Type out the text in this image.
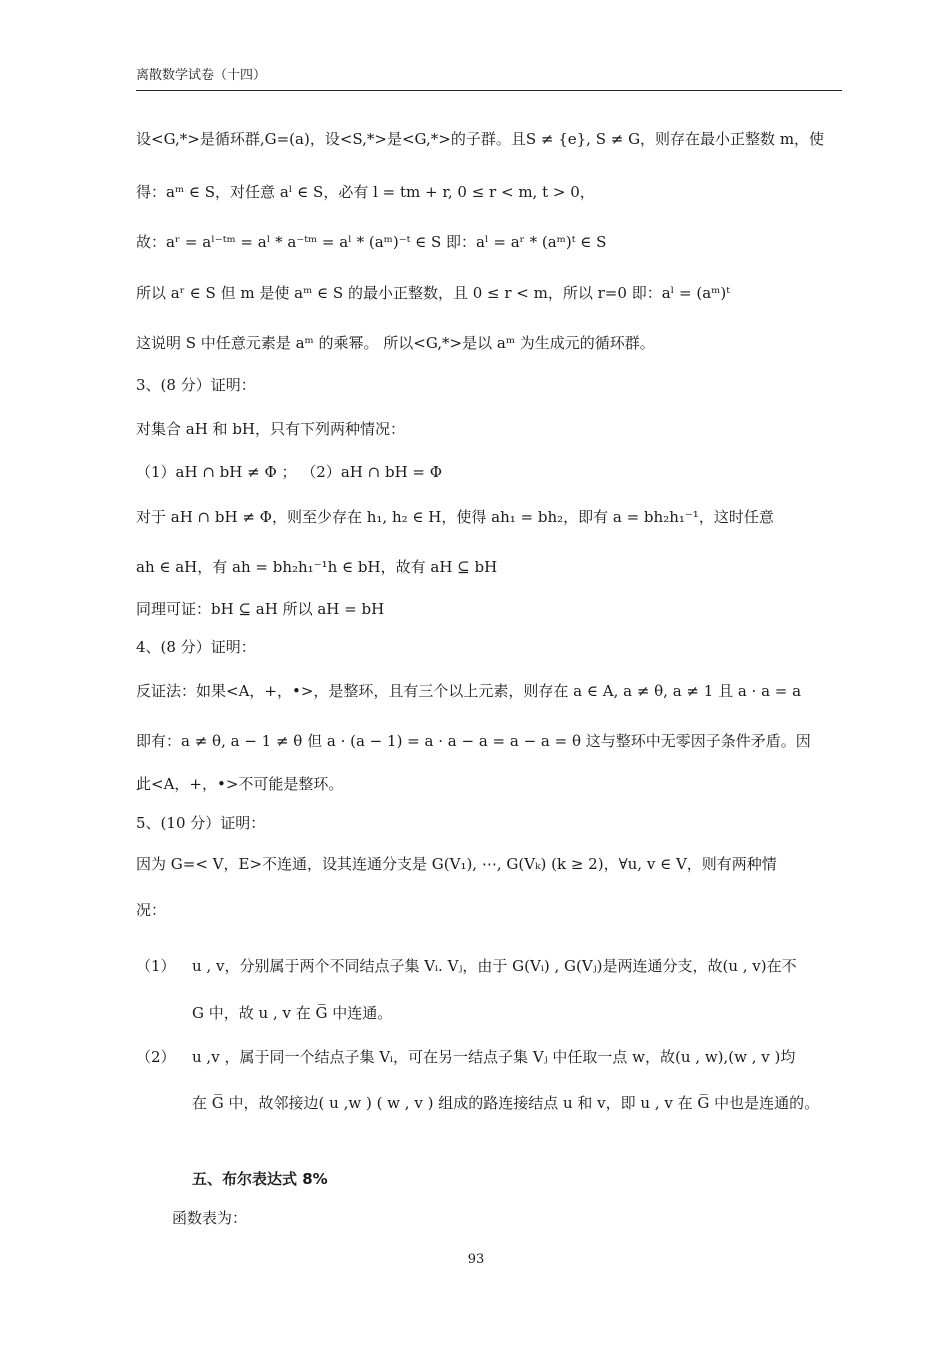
离散数学试卷（十四）
设<G,*>是循环群,G=(a)，设<S,*>是<G,*>的子群。且S ≠ {e}, S ≠ G，则存在最小正整数 m，使
得：aᵐ ∈ S，对任意 aˡ ∈ S，必有 l = tm + r, 0 ≤ r < m, t > 0，
故：aʳ = aˡ⁻ᵗᵐ = aˡ * a⁻ᵗᵐ = aˡ * (aᵐ)⁻ᵗ ∈ S 即：aˡ = aʳ * (aᵐ)ᵗ ∈ S
所以 aʳ ∈ S 但 m 是使 aᵐ ∈ S 的最小正整数，且 0 ≤ r < m，所以 r=0 即：aˡ = (aᵐ)ᵗ
这说明 S 中任意元素是 aᵐ 的乘幂。 所以<G,*>是以 aᵐ 为生成元的循环群。
3、(8 分）证明：
对集合 aH 和 bH，只有下列两种情况：
（1）aH ∩ bH ≠ Φ ； （2）aH ∩ bH = Φ
对于 aH ∩ bH ≠ Φ，则至少存在 h₁, h₂ ∈ H，使得 ah₁ = bh₂，即有 a = bh₂h₁⁻¹，这时任意
ah ∈ aH，有 ah = bh₂h₁⁻¹h ∈ bH，故有 aH ⊆ bH
同理可证：bH ⊆ aH 所以 aH = bH
4、(8 分）证明：
反证法：如果<A，+，•>，是整环，且有三个以上元素，则存在 a ∈ A, a ≠ θ, a ≠ 1 且 a · a = a
即有：a ≠ θ, a − 1 ≠ θ 但 a · (a − 1) = a · a − a = a − a = θ 这与整环中无零因子条件矛盾。因
此<A，+，•>不可能是整环。
5、(10 分）证明：
因为 G=< V，E>不连通，设其连通分支是 G(V₁), ⋯, G(Vₖ) (k ≥ 2)，∀u, v ∈ V，则有两种情
况：
（1） u , v，分别属于两个不同结点子集 Vᵢ. Vⱼ，由于 G(Vᵢ) , G(Vⱼ)是两连通分支，故(u , v)在不
G 中，故 u , v 在 G̅ 中连通。
（2） u ,v ，属于同一个结点子集 Vᵢ，可在另一结点子集 Vⱼ 中任取一点 w，故(u , w),(w , v )均
在 G̅ 中，故邻接边( u ,w ) ( w , v ) 组成的路连接结点 u 和 v，即 u , v 在 G̅ 中也是连通的。
五、布尔表达式 8%
函数表为：
93
